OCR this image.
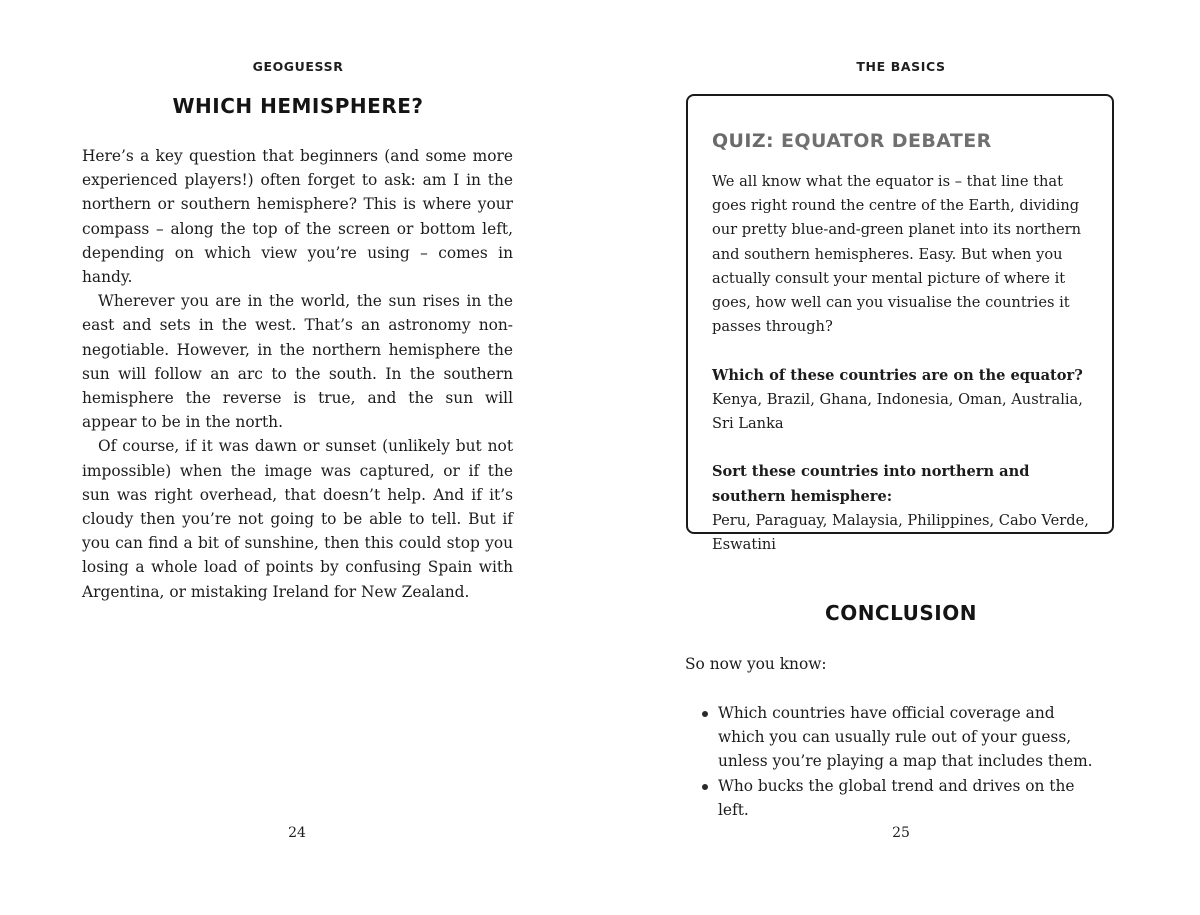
GEOGUESSR
WHICH HEMISPHERE?

Here’s a key question that beginners (and some more experienced players!) often forget to ask: am I in the northern or southern hemisphere? This is where your compass – along the top of the screen or bottom left, depending on which view you’re using – comes in handy.

Wherever you are in the world, the sun rises in the east and sets in the west. That’s an astronomy non-negotiable. However, in the northern hemisphere the sun will follow an arc to the south. In the southern hemisphere the reverse is true, and the sun will appear to be in the north.

Of course, if it was dawn or sunset (unlikely but not impossible) when the image was captured, or if the sun was right overhead, that doesn’t help. And if it’s cloudy then you’re not going to be able to tell. But if you can find a bit of sunshine, then this could stop you losing a whole load of points by confusing Spain with Argentina, or mistaking Ireland for New Zealand.

24
THE BASICS
QUIZ: EQUATOR DEBATER

We all know what the equator is – that line that goes right round the centre of the Earth, dividing our pretty blue-and-green planet into its northern and southern hemispheres. Easy. But when you actually consult your mental picture of where it goes, how well can you visualise the countries it passes through?

Which of these countries are on the equator?

Kenya, Brazil, Ghana, Indonesia, Oman, Australia, Sri Lanka

Sort these countries into northern and southern hemisphere:

Peru, Paraguay, Malaysia, Philippines, Cabo Verde, Eswatini

CONCLUSION

So now you know:

Which countries have official coverage and which you can usually rule out of your guess, unless you’re playing a map that includes them.
Who bucks the global trend and drives on the left.
25
